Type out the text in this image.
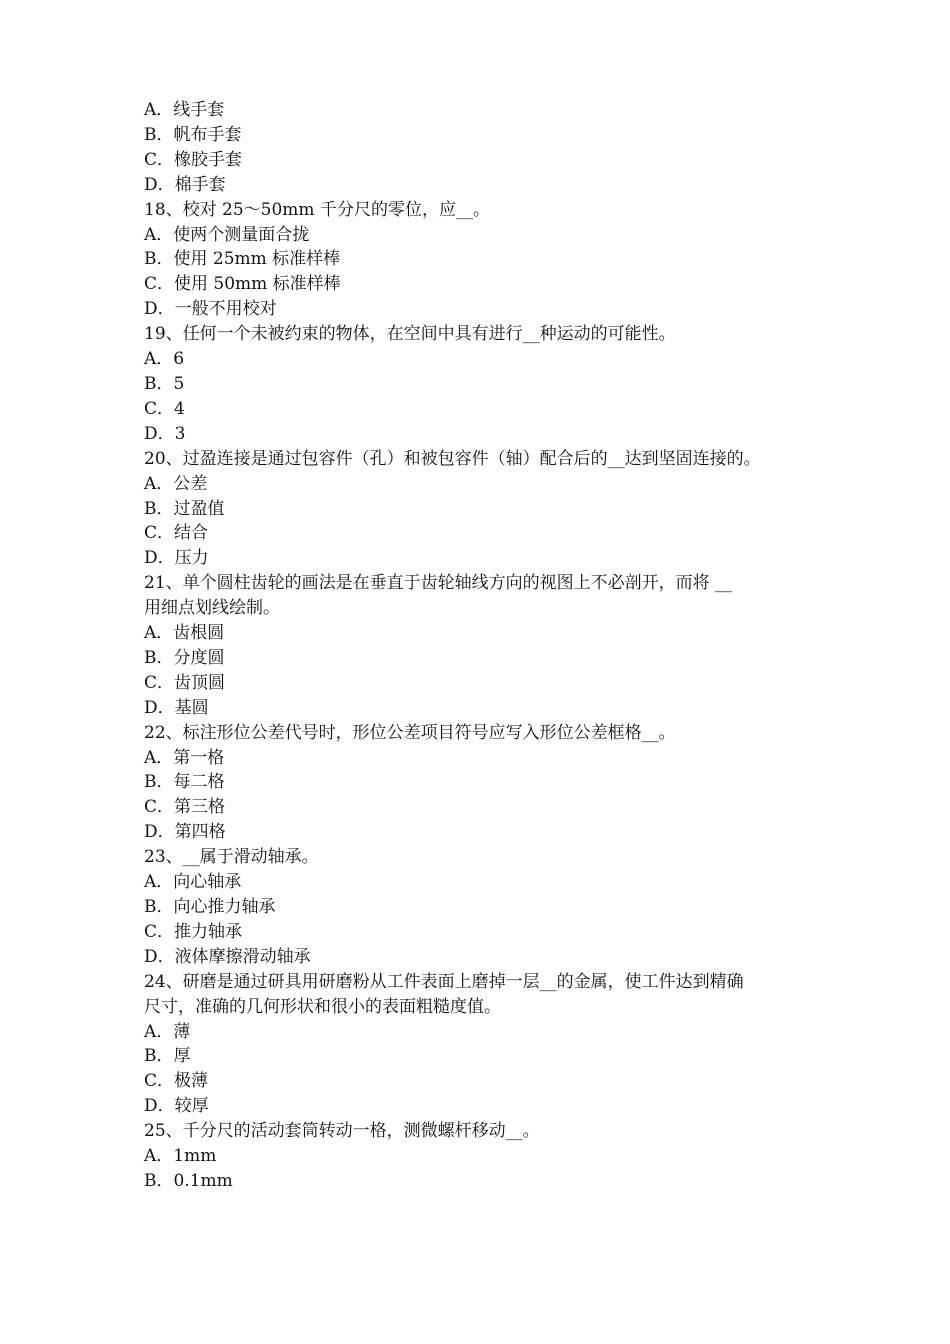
A．线手套
B．帆布手套
C．橡胶手套
D．棉手套
18、校对 25～50mm 千分尺的零位，应__。
A．使两个测量面合拢
B．使用 25mm 标准样棒
C．使用 50mm 标准样棒
D．一般不用校对
19、任何一个未被约束的物体，在空间中具有进行__种运动的可能性。
A．6
B．5
C．4
D．3
20、过盈连接是通过包容件（孔）和被包容件（轴）配合后的__达到坚固连接的。
A．公差
B．过盈值
C．结合
D．压力
21、单个圆柱齿轮的画法是在垂直于齿轮轴线方向的视图上不必剖开，而将 __
用细点划线绘制。
A．齿根圆
B．分度圆
C．齿顶圆
D．基圆
22、标注形位公差代号时，形位公差项目符号应写入形位公差框格__。
A．第一格
B．每二格
C．第三格
D．第四格
23、__属于滑动轴承。
A．向心轴承
B．向心推力轴承
C．推力轴承
D．液体摩擦滑动轴承
24、研磨是通过研具用研磨粉从工件表面上磨掉一层__的金属，使工件达到精确
尺寸，准确的几何形状和很小的表面粗糙度值。
A．薄
B．厚
C．极薄
D．较厚
25、千分尺的活动套筒转动一格，测微螺杆移动__。
A．1mm
B．0.1mm
